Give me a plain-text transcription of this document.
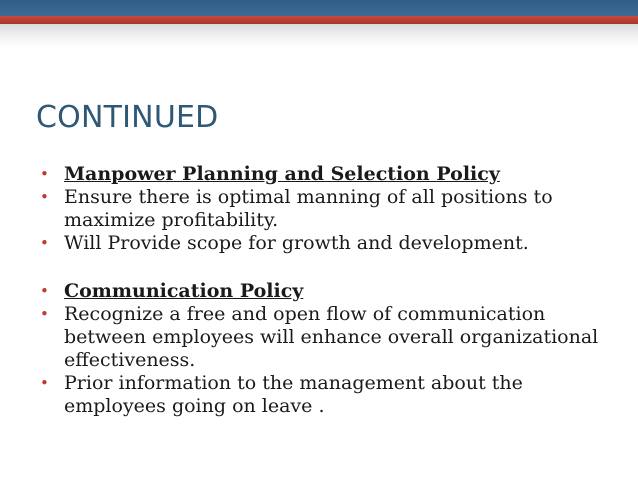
CONTINUED
• Manpower Planning and Selection Policy
• Ensure there is optimal manning of all positions to maximize profitability.
• Will Provide scope for growth and development.
• Communication Policy
• Recognize a free and open flow of communication between employees will enhance overall organizational effectiveness.
• Prior information to the management about the employees going on leave .
